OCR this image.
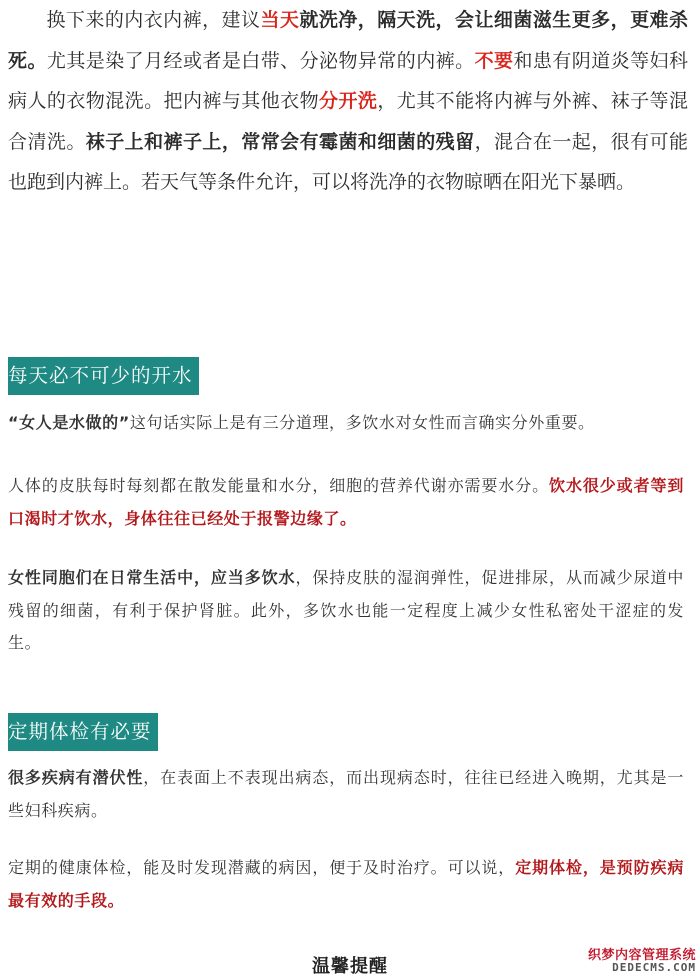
换下来的内衣内裤，建议当天就洗净，隔天洗，会让细菌滋生更多，更难杀死。尤其是染了月经或者是白带、分泌物异常的内裤。不要和患有阴道炎等妇科病人的衣物混洗。把内裤与其他衣物分开洗，尤其不能将内裤与外裤、袜子等混合清洗。袜子上和裤子上，常常会有霉菌和细菌的残留，混合在一起，很有可能也跑到内裤上。若天气等条件允许，可以将洗净的衣物晾晒在阳光下暴晒。
每天必不可少的开水
“女人是水做的”这句话实际上是有三分道理，多饮水对女性而言确实分外重要。
人体的皮肤每时每刻都在散发能量和水分，细胞的营养代谢亦需要水分。饮水很少或者等到口渴时才饮水，身体往往已经处于报警边缘了。
女性同胞们在日常生活中，应当多饮水，保持皮肤的湿润弹性，促进排尿，从而减少尿道中残留的细菌，有利于保护肾脏。此外，多饮水也能一定程度上减少女性私密处干涩症的发生。
定期体检有必要
很多疾病有潜伏性，在表面上不表现出病态，而出现病态时，往往已经进入晚期，尤其是一些妇科疾病。
定期的健康体检，能及时发现潜藏的病因，便于及时治疗。可以说，定期体检，是预防疾病最有效的手段。
温馨提醒
织梦内容管理系统
DEDECMS.COM
